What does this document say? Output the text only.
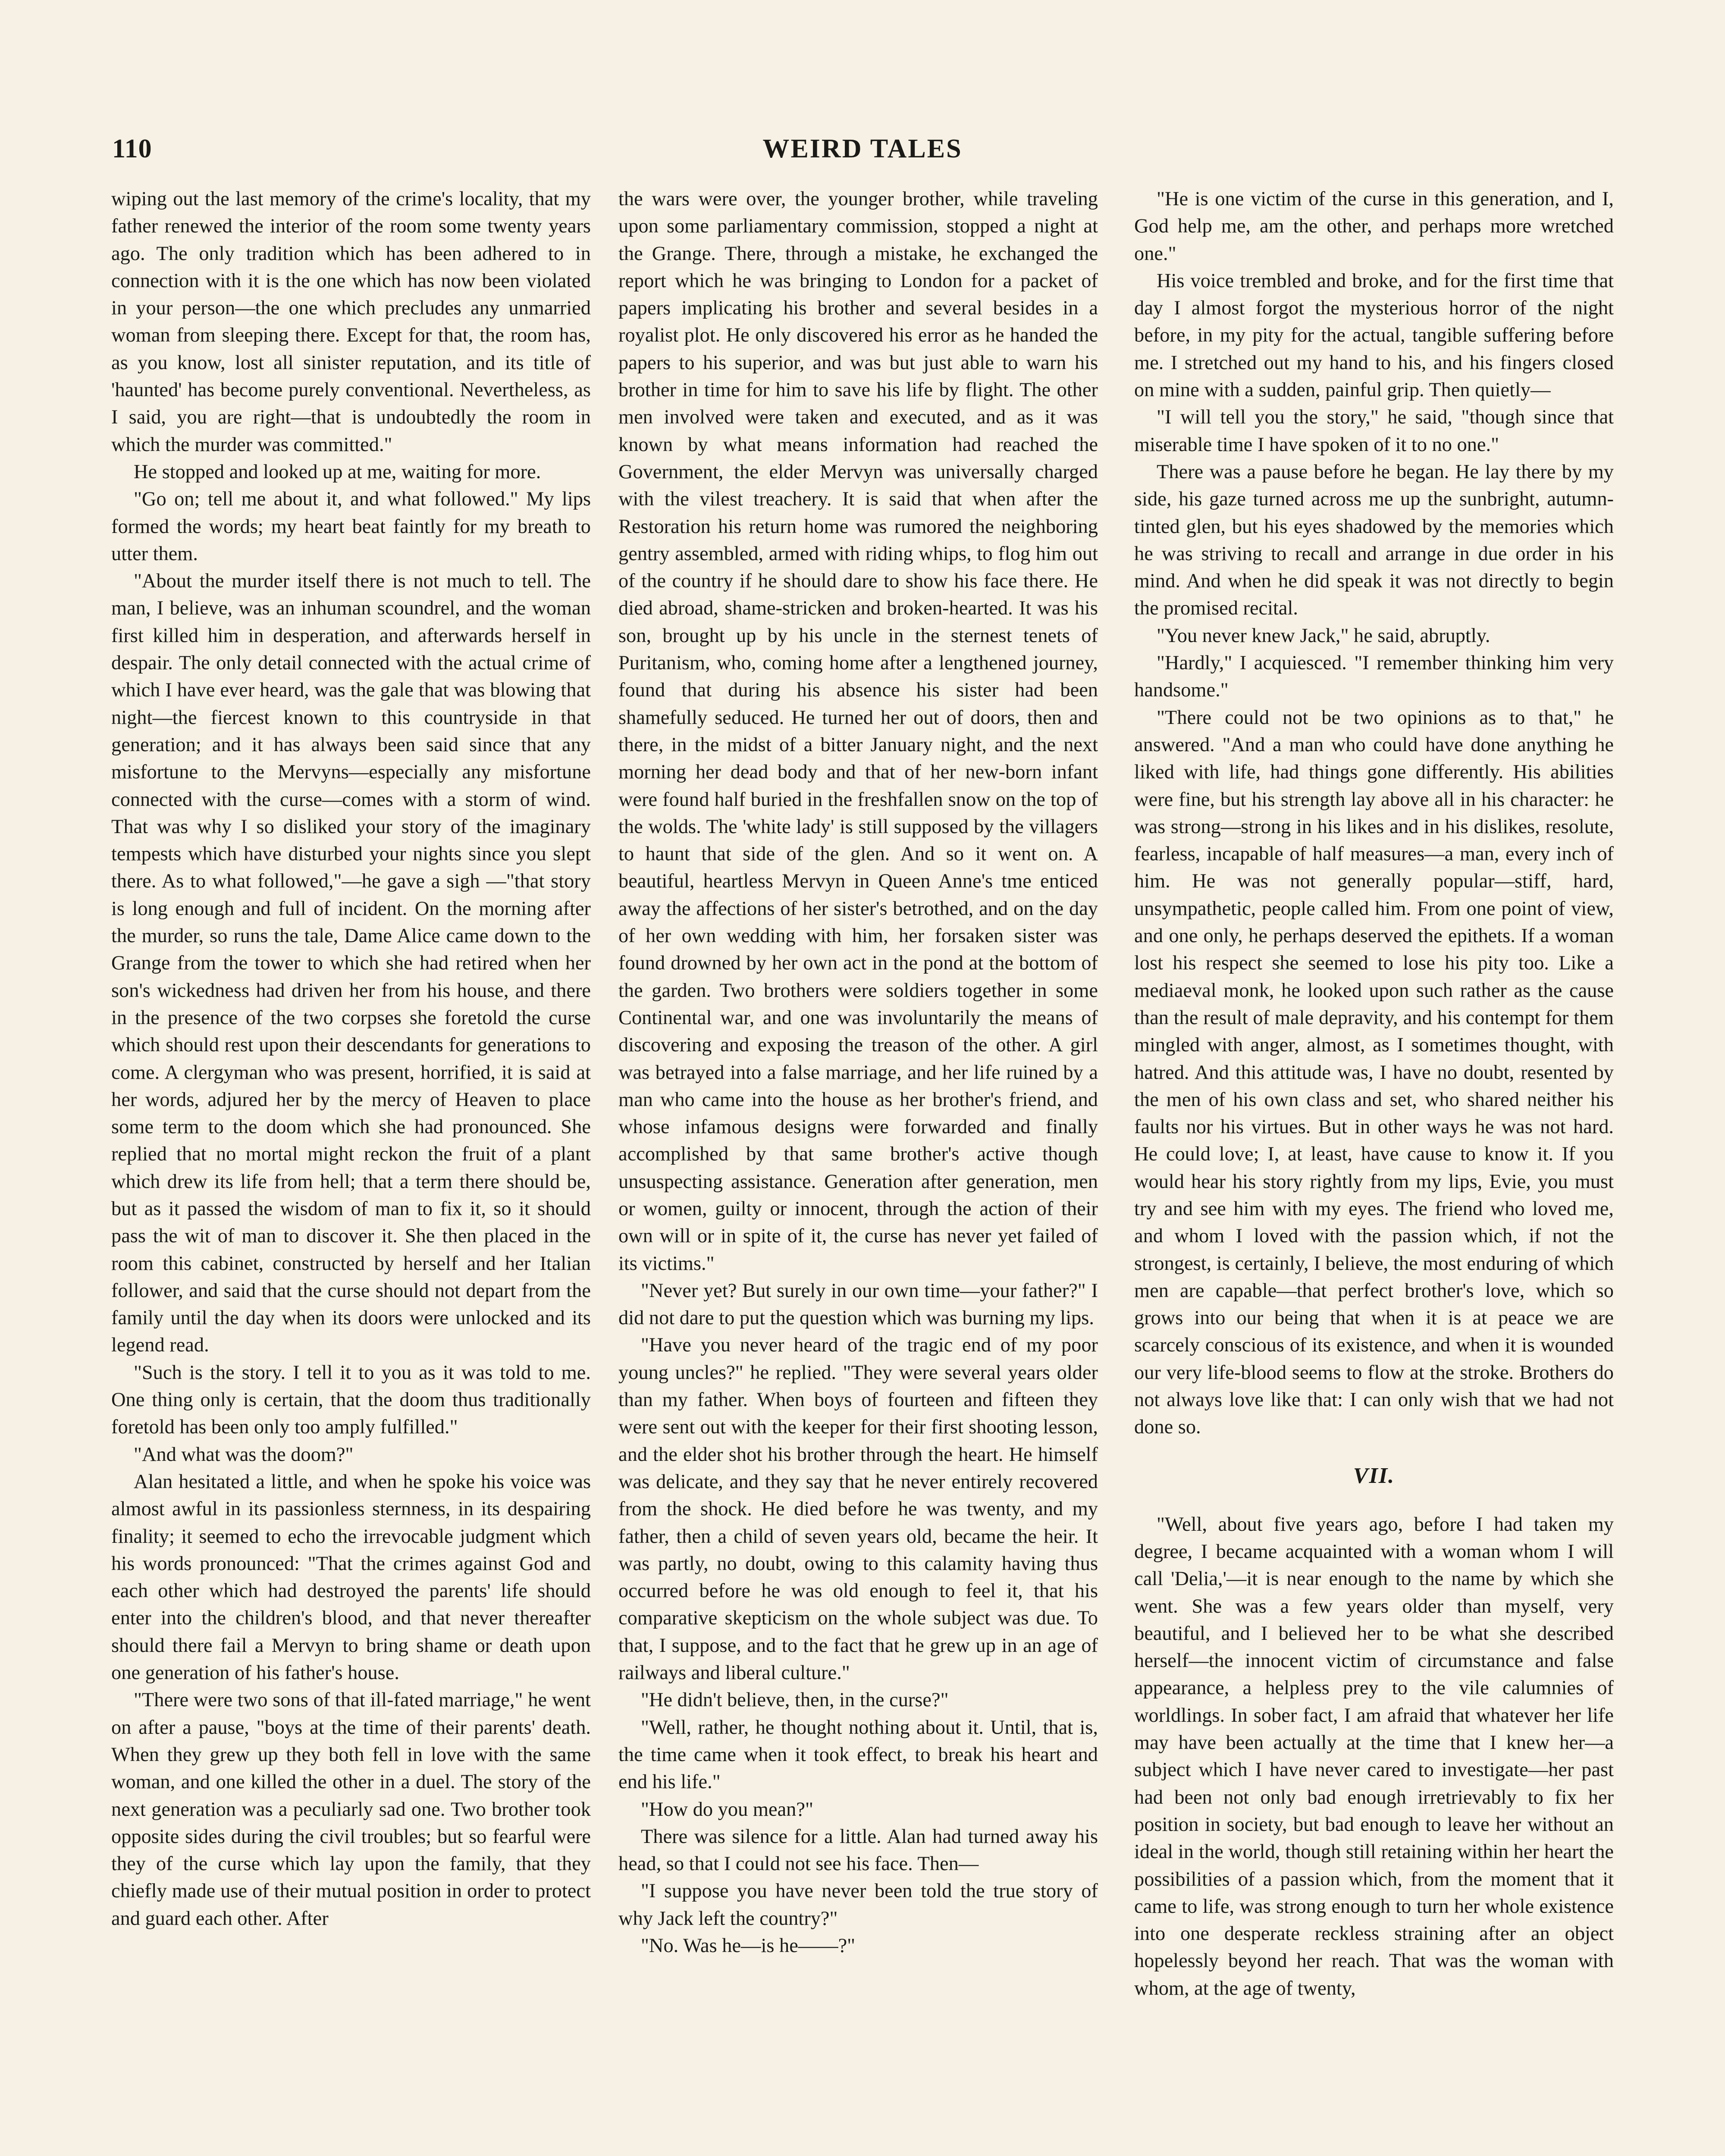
110	WEIRD TALES

wiping out the last memory of the crime's locality, that my father renewed the interior of the room some twenty years ago. The only tradition which has been adhered to in connection with it is the one which has now been violated in your person—the one which precludes any unmarried woman from sleeping there. Except for that, the room has, as you know, lost all sinister reputation, and its title of 'haunted' has become purely conventional. Nevertheless, as I said, you are right—that is undoubtedly the room in which the murder was committed."

He stopped and looked up at me, waiting for more.

"Go on; tell me about it, and what followed." My lips formed the words; my heart beat faintly for my breath to utter them.

"About the murder itself there is not much to tell. The man, I believe, was an inhuman scoundrel, and the woman first killed him in desperation, and afterwards herself in despair. The only detail connected with the actual crime of which I have ever heard, was the gale that was blowing that night—the fiercest known to this countryside in that generation; and it has always been said since that any misfortune to the Mervyns—especially any misfortune connected with the curse—comes with a storm of wind. That was why I so disliked your story of the imaginary tempests which have disturbed your nights since you slept there. As to what followed,"—he gave a sigh —"that story is long enough and full of incident. On the morning after the murder, so runs the tale, Dame Alice came down to the Grange from the tower to which she had retired when her son's wickedness had driven her from his house, and there in the presence of the two corpses she foretold the curse which should rest upon their descendants for generations to come. A clergyman who was present, horrified, it is said at her words, adjured her by the mercy of Heaven to place some term to the doom which she had pronounced. She replied that no mortal might reckon the fruit of a plant which drew its life from hell; that a term there should be, but as it passed the wisdom of man to fix it, so it should pass the wit of man to discover it. She then placed in the room this cabinet, constructed by herself and her Italian follower, and said that the curse should not depart from the family until the day when its doors were unlocked and its legend read.

"Such is the story. I tell it to you as it was told to me. One thing only is certain, that the doom thus traditionally foretold has been only too amply fulfilled."

"And what was the doom?"

Alan hesitated a little, and when he spoke his voice was almost awful in its passionless sternness, in its despairing finality; it seemed to echo the irrevocable judgment which his words pronounced: "That the crimes against God and each other which had destroyed the parents' life should enter into the children's blood, and that never thereafter should there fail a Mervyn to bring shame or death upon one generation of his father's house.

"There were two sons of that ill-fated marriage," he went on after a pause, "boys at the time of their parents' death. When they grew up they both fell in love with the same woman, and one killed the other in a duel. The story of the next generation was a peculiarly sad one. Two brother took opposite sides during the civil troubles; but so fearful were they of the curse which lay upon the family, that they chiefly made use of their mutual position in order to protect and guard each other. After

the wars were over, the younger brother, while traveling upon some parliamentary commission, stopped a night at the Grange. There, through a mistake, he exchanged the report which he was bringing to London for a packet of papers implicating his brother and several besides in a royalist plot. He only discovered his error as he handed the papers to his superior, and was but just able to warn his brother in time for him to save his life by flight. The other men involved were taken and executed, and as it was known by what means information had reached the Government, the elder Mervyn was universally charged with the vilest treachery. It is said that when after the Restoration his return home was rumored the neighboring gentry assembled, armed with riding whips, to flog him out of the country if he should dare to show his face there. He died abroad, shame-stricken and broken-hearted. It was his son, brought up by his uncle in the sternest tenets of Puritanism, who, coming home after a lengthened journey, found that during his absence his sister had been shamefully seduced. He turned her out of doors, then and there, in the midst of a bitter January night, and the next morning her dead body and that of her new-born infant were found half buried in the freshfallen snow on the top of the wolds. The 'white lady' is still supposed by the villagers to haunt that side of the glen. And so it went on. A beautiful, heartless Mervyn in Queen Anne's tme enticed away the affections of her sister's betrothed, and on the day of her own wedding with him, her forsaken sister was found drowned by her own act in the pond at the bottom of the garden. Two brothers were soldiers together in some Continental war, and one was involuntarily the means of discovering and exposing the treason of the other. A girl was betrayed into a false marriage, and her life ruined by a man who came into the house as her brother's friend, and whose infamous designs were forwarded and finally accomplished by that same brother's active though unsuspecting assistance. Generation after generation, men or women, guilty or innocent, through the action of their own will or in spite of it, the curse has never yet failed of its victims."

"Never yet? But surely in our own time—your father?" I did not dare to put the question which was burning my lips.

"Have you never heard of the tragic end of my poor young uncles?" he replied. "They were several years older than my father. When boys of fourteen and fifteen they were sent out with the keeper for their first shooting lesson, and the elder shot his brother through the heart. He himself was delicate, and they say that he never entirely recovered from the shock. He died before he was twenty, and my father, then a child of seven years old, became the heir. It was partly, no doubt, owing to this calamity having thus occurred before he was old enough to feel it, that his comparative skepticism on the whole subject was due. To that, I suppose, and to the fact that he grew up in an age of railways and liberal culture."

"He didn't believe, then, in the curse?"

"Well, rather, he thought nothing about it. Until, that is, the time came when it took effect, to break his heart and end his life."

"How do you mean?"

There was silence for a little. Alan had turned away his head, so that I could not see his face. Then—

"I suppose you have never been told the true story of why Jack left the country?"

"No. Was he—is he——?"

"He is one victim of the curse in this generation, and I, God help me, am the other, and perhaps more wretched one."

His voice trembled and broke, and for the first time that day I almost forgot the mysterious horror of the night before, in my pity for the actual, tangible suffering before me. I stretched out my hand to his, and his fingers closed on mine with a sudden, painful grip. Then quietly—

"I will tell you the story," he said, "though since that miserable time I have spoken of it to no one."

There was a pause before he began. He lay there by my side, his gaze turned across me up the sunbright, autumn-tinted glen, but his eyes shadowed by the memories which he was striving to recall and arrange in due order in his mind. And when he did speak it was not directly to begin the promised recital.

"You never knew Jack," he said, abruptly.

"Hardly," I acquiesced. "I remember thinking him very handsome."

"There could not be two opinions as to that," he answered. "And a man who could have done anything he liked with life, had things gone differently. His abilities were fine, but his strength lay above all in his character: he was strong—strong in his likes and in his dislikes, resolute, fearless, incapable of half measures—a man, every inch of him. He was not generally popular—stiff, hard, unsympathetic, people called him. From one point of view, and one only, he perhaps deserved the epithets. If a woman lost his respect she seemed to lose his pity too. Like a mediaeval monk, he looked upon such rather as the cause than the result of male depravity, and his contempt for them mingled with anger, almost, as I sometimes thought, with hatred. And this attitude was, I have no doubt, resented by the men of his own class and set, who shared neither his faults nor his virtues. But in other ways he was not hard. He could love; I, at least, have cause to know it. If you would hear his story rightly from my lips, Evie, you must try and see him with my eyes. The friend who loved me, and whom I loved with the passion which, if not the strongest, is certainly, I believe, the most enduring of which men are capable—that perfect brother's love, which so grows into our being that when it is at peace we are scarcely conscious of its existence, and when it is wounded our very life-blood seems to flow at the stroke. Brothers do not always love like that: I can only wish that we had not done so.

VII.

"Well, about five years ago, before I had taken my degree, I became acquainted with a woman whom I will call 'Delia,'—it is near enough to the name by which she went. She was a few years older than myself, very beautiful, and I believed her to be what she described herself—the innocent victim of circumstance and false appearance, a helpless prey to the vile calumnies of worldlings. In sober fact, I am afraid that whatever her life may have been actually at the time that I knew her—a subject which I have never cared to investigate—her past had been not only bad enough irretrievably to fix her position in society, but bad enough to leave her without an ideal in the world, though still retaining within her heart the possibilities of a passion which, from the moment that it came to life, was strong enough to turn her whole existence into one desperate reckless straining after an object hopelessly beyond her reach. That was the woman with whom, at the age of twenty,
